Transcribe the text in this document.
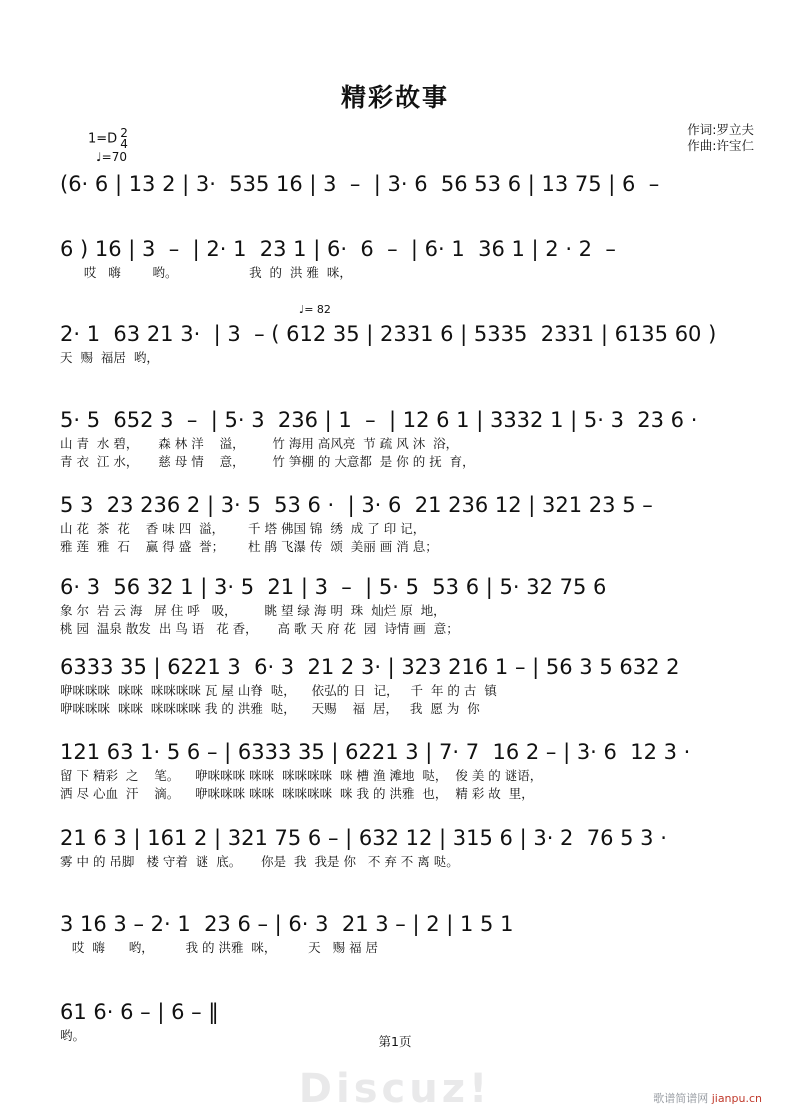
精彩故事
作词:罗立夫
作曲:许宝仁
1=D 2
4
♩=70
♩= 82
(6· 6 | 13 2 | 3·  535 16 | 3  –  | 3· 6  56 53 6 | 13 75 | 6  –
6 ) 16 | 3  –  | 2· 1  23 1 | 6·  6  –  | 6· 1  36 1 | 2 · 2  –
哎   嗨        哟。                  我  的  洪 雅  咪，
2· 1  63 21 3·  | 3  – ( 612 35 | 2331 6 | 5335  2331 | 6135 60 )
天  赐  福居  哟，
5· 5  652 3  –  | 5· 3  236 | 1  –  | 12 6 1 | 3332 1 | 5· 3  23 6 ·
山 青  水 碧，     森 林 洋    溢，       竹 海用 高风亮  节 疏 风 沐  浴，
青 衣  江 水，     慈 母 情    意，       竹 笋棚 的 大意都  是 你 的 抚  育，
5 3  23 236 2 | 3· 5  53 6 ·  | 3· 6  21 236 12 | 321 23 5 –
山 花  茶  花    香 味 四  溢，      千 塔 佛国 锦  绣  成 了 印 记，
雅 莲  雅  石    赢 得 盛  誉；      杜 鹃 飞瀑 传  颂  美丽 画 消 息；
6· 3  56 32 1 | 3· 5  21 | 3  –  | 5· 5  53 6 | 5· 32 75 6
象 尔  岩 云 海   屏 住 呼   吸，       眺 望 绿 海 明  珠  灿烂 原  地，
桃 园  温泉 散发  出 鸟 语   花 香，     高 歌 天 府 花  园  诗情 画  意；
6333 35 | 6221 3  6· 3  21 2 3· | 323 216 1 – | 56 3 5 632 2
咿咪咪咪  咪咪  咪咪咪咪 瓦 屋 山脊  哒，    依弘的 日  记，   千  年 的 古  镇
咿咪咪咪  咪咪  咪咪咪咪 我 的 洪雅  哒，    天赐    福  居，   我  愿 为  你
121 63 1· 5 6 – | 6333 35 | 6221 3 | 7· 7  16 2 – | 3· 6  12 3 ·
留 下 精彩  之    笔。    咿咪咪咪 咪咪  咪咪咪咪  咪 槽 渔 滩地  哒，  俊 美 的 谜语，
洒 尽 心血  汗    滴。    咿咪咪咪 咪咪  咪咪咪咪  咪 我 的 洪雅  也，  精 彩 故  里，
21 6 3 | 161 2 | 321 75 6 – | 632 12 | 315 6 | 3· 2  76 5 3 ·
雾 中 的 吊脚   楼 守着  谜  底。     你是  我  我是 你   不 弃 不 离 哒。
3 16 3 – 2· 1  23 6 – | 6· 3  21 3 – | 2 | 1 5 1
哎  嗨      哟，        我 的 洪雅  咪，        天   赐 福 居
61 6· 6 – | 6 – ‖
哟。	第1页
Discuz!	歌谱简谱网 jianpu.cn
